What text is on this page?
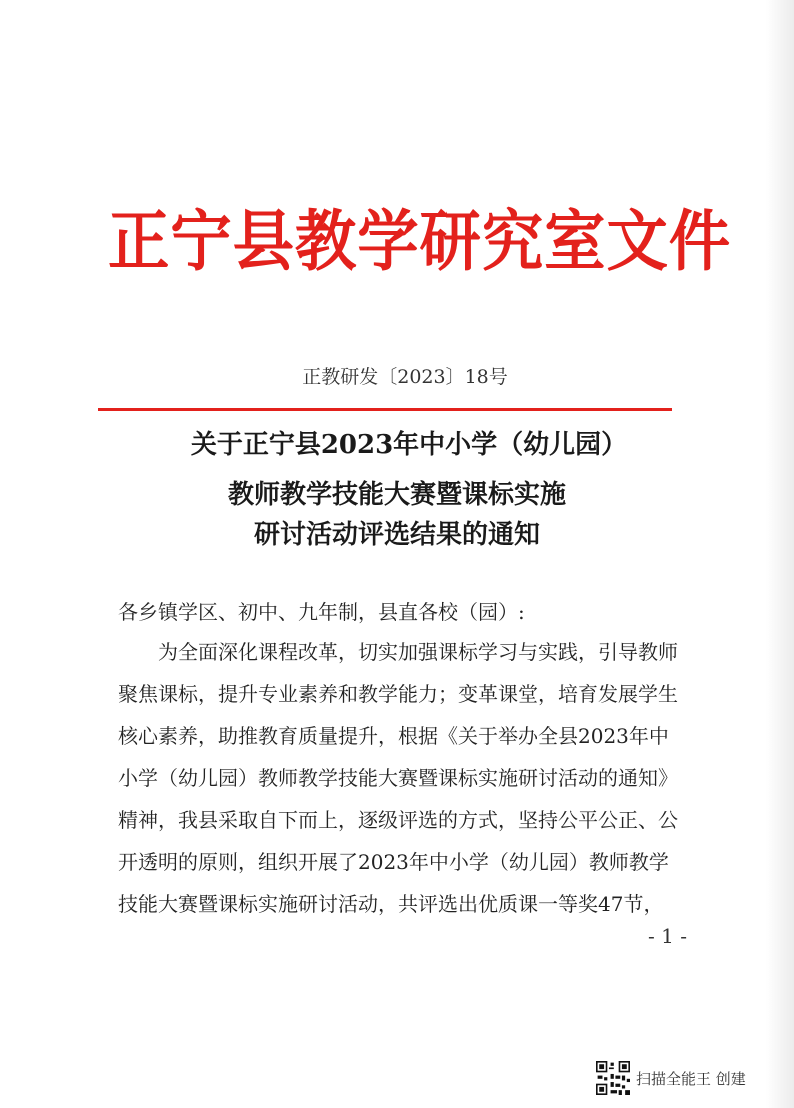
正宁县教学研究室文件
正教研发〔2023〕18号
关于正宁县2023年中小学（幼儿园）
教师教学技能大赛暨课标实施
研讨活动评选结果的通知
各乡镇学区、初中、九年制，县直各校（园）:
　　为全面深化课程改革，切实加强课标学习与实践，引导教师
聚焦课标，提升专业素养和教学能力；变革课堂，培育发展学生
核心素养，助推教育质量提升，根据《关于举办全县2023年中
小学（幼儿园）教师教学技能大赛暨课标实施研讨活动的通知》
精神，我县采取自下而上，逐级评选的方式，坚持公平公正、公
开透明的原则，组织开展了2023年中小学（幼儿园）教师教学
技能大赛暨课标实施研讨活动，共评选出优质课一等奖47节，
- 1 -
扫描全能王 创建
